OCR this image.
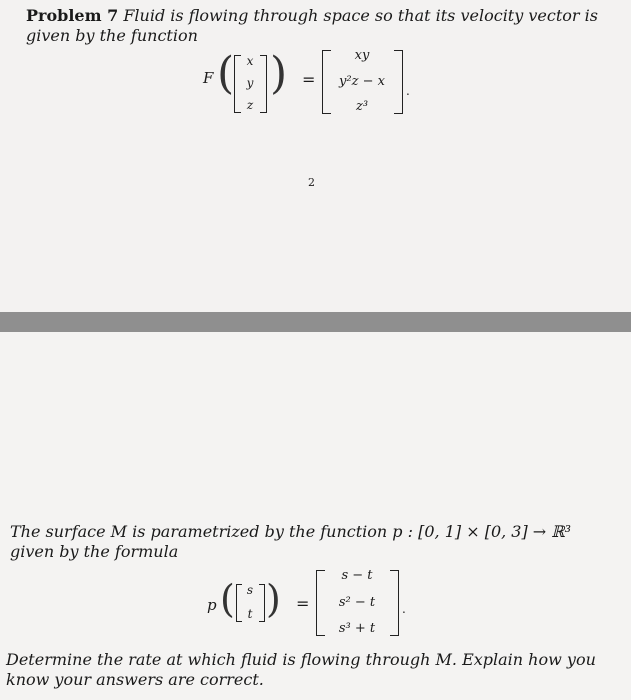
Problem 7 Fluid is flowing through space so that its velocity vector is given by the function
F ( x
y
z
) =
xy
y²z − x
z³
.
2
The surface M is parametrized by the function p : [0, 1] × [0, 3] → ℝ³ given by the formula
p ( s
t ) =
s − t
s² − t
s³ + t
.
Determine the rate at which fluid is flowing through M. Explain how you know your answers are correct.
